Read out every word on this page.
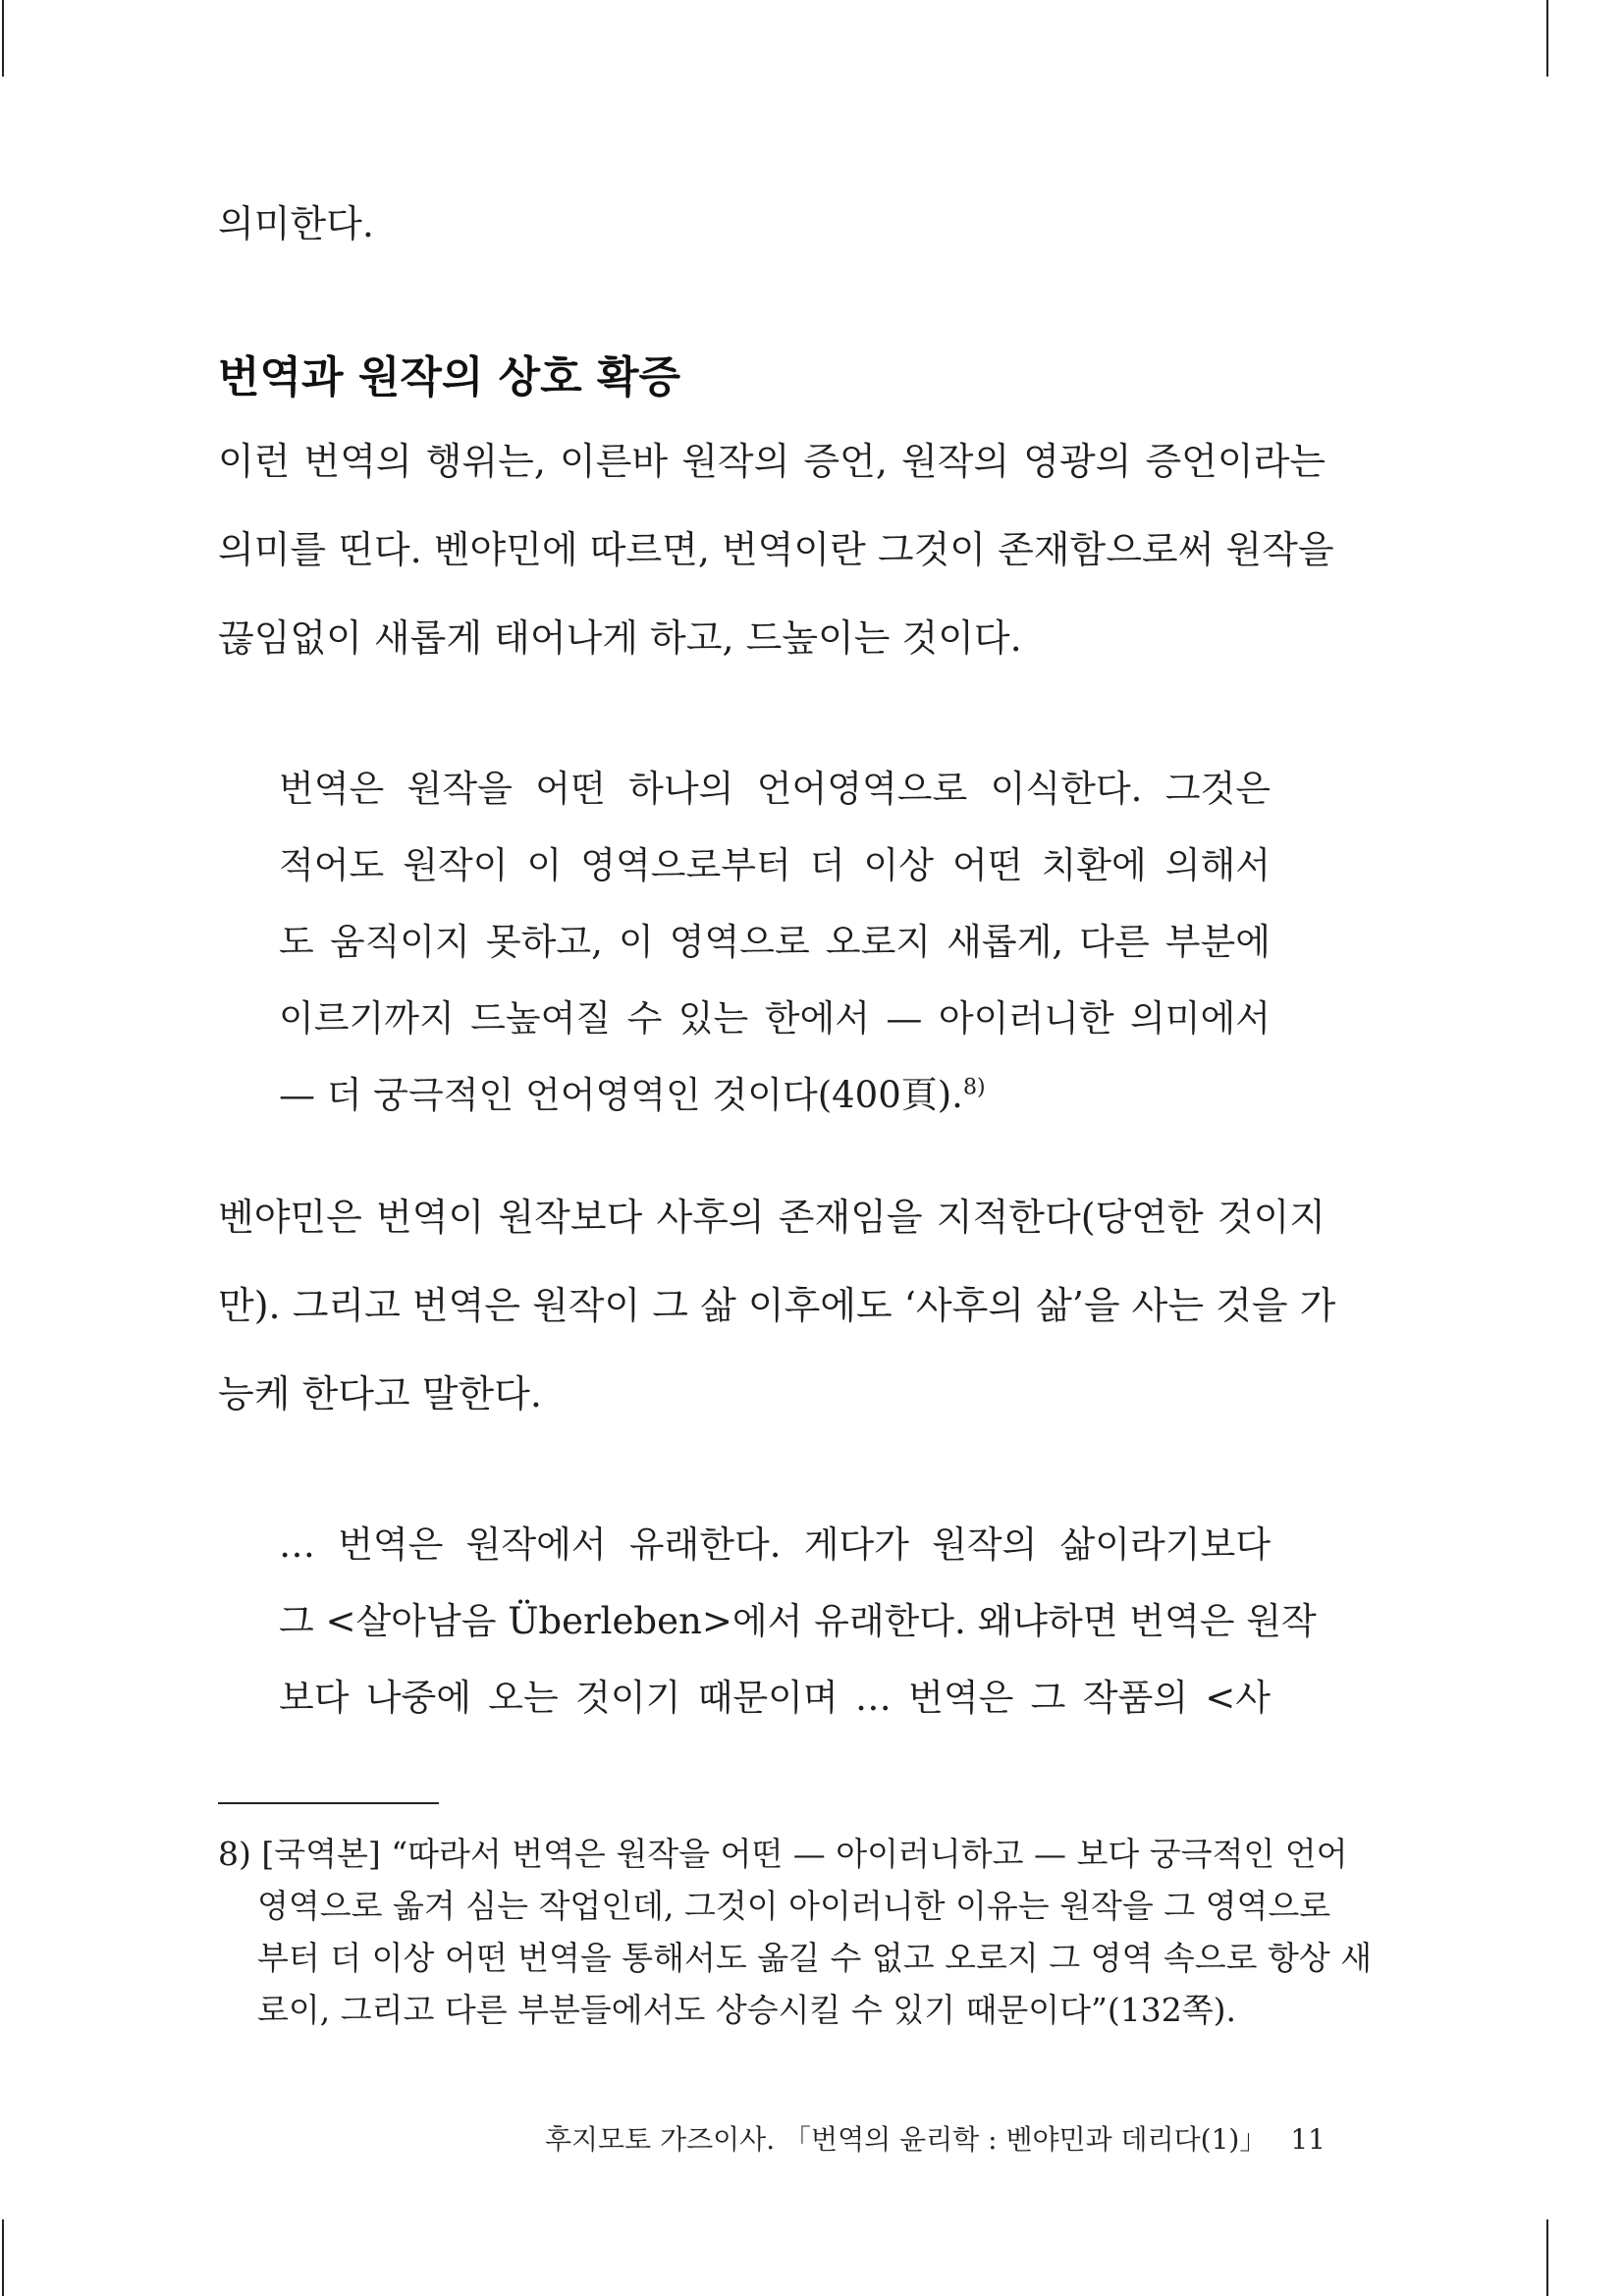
의미한다.

번역과 원작의 상호 확증

이런 번역의 행위는, 이른바 원작의 증언, 원작의 영광의 증언이라는

의미를 띤다. 벤야민에 따르면, 번역이란 그것이 존재함으로써 원작을

끊임없이 새롭게 태어나게 하고, 드높이는 것이다.

번역은 원작을 어떤 하나의 언어영역으로 이식한다. 그것은

적어도 원작이 이 영역으로부터 더 이상 어떤 치환에 의해서

도 움직이지 못하고, 이 영역으로 오로지 새롭게, 다른 부분에

이르기까지 드높여질 수 있는 한에서 — 아이러니한 의미에서

— 더 궁극적인 언어영역인 것이다(400頁).$^{8)}$

벤야민은 번역이 원작보다 사후의 존재임을 지적한다(당연한 것이지

만). 그리고 번역은 원작이 그 삶 이후에도 ‘사후의 삶’을 사는 것을 가

능케 한다고 말한다.

… 번역은 원작에서 유래한다. 게다가 원작의 삶이라기보다

그 <살아남음 Überleben>에서 유래한다. 왜냐하면 번역은 원작

보다 나중에 오는 것이기 때문이며 … 번역은 그 작품의 <사

8) [국역본] “따라서 번역은 원작을 어떤 — 아이러니하고 — 보다 궁극적인 언어

영역으로 옮겨 심는 작업인데, 그것이 아이러니한 이유는 원작을 그 영역으로

부터 더 이상 어떤 번역을 통해서도 옮길 수 없고 오로지 그 영역 속으로 항상 새

로이, 그리고 다른 부분들에서도 상승시킬 수 있기 때문이다”(132쪽).

후지모토 가즈이사. 「번역의 윤리학 : 벤야민과 데리다(1)」 11
